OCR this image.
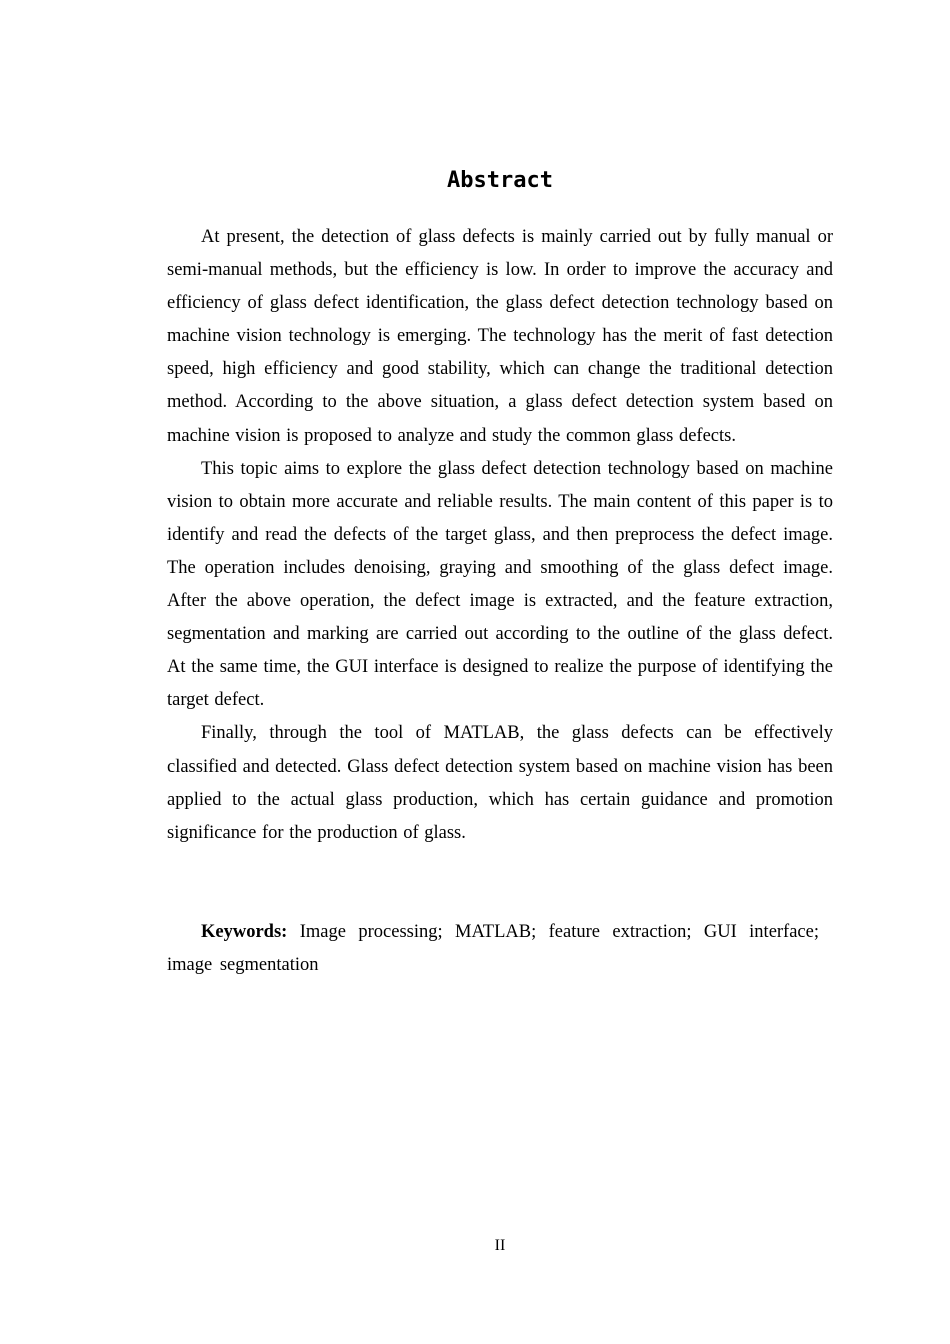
Abstract

At present, the detection of glass defects is mainly carried out by fully manual or semi-manual methods, but the efficiency is low. In order to improve the accuracy and efficiency of glass defect identification, the glass defect detection technology based on machine vision technology is emerging. The technology has the merit of fast detection speed, high efficiency and good stability, which can change the traditional detection method. According to the above situation, a glass defect detection system based on machine vision is proposed to analyze and study the common glass defects.

This topic aims to explore the glass defect detection technology based on machine vision to obtain more accurate and reliable results. The main content of this paper is to identify and read the defects of the target glass, and then preprocess the defect image. The operation includes denoising, graying and smoothing of the glass defect image. After the above operation, the defect image is extracted, and the feature extraction, segmentation and marking are carried out according to the outline of the glass defect. At the same time, the GUI interface is designed to realize the purpose of identifying the target defect.

Finally, through the tool of MATLAB, the glass defects can be effectively classified and detected. Glass defect detection system based on machine vision has been applied to the actual glass production, which has certain guidance and promotion significance for the production of glass.

Keywords: Image processing; MATLAB; feature extraction; GUI interface; image segmentation

II
